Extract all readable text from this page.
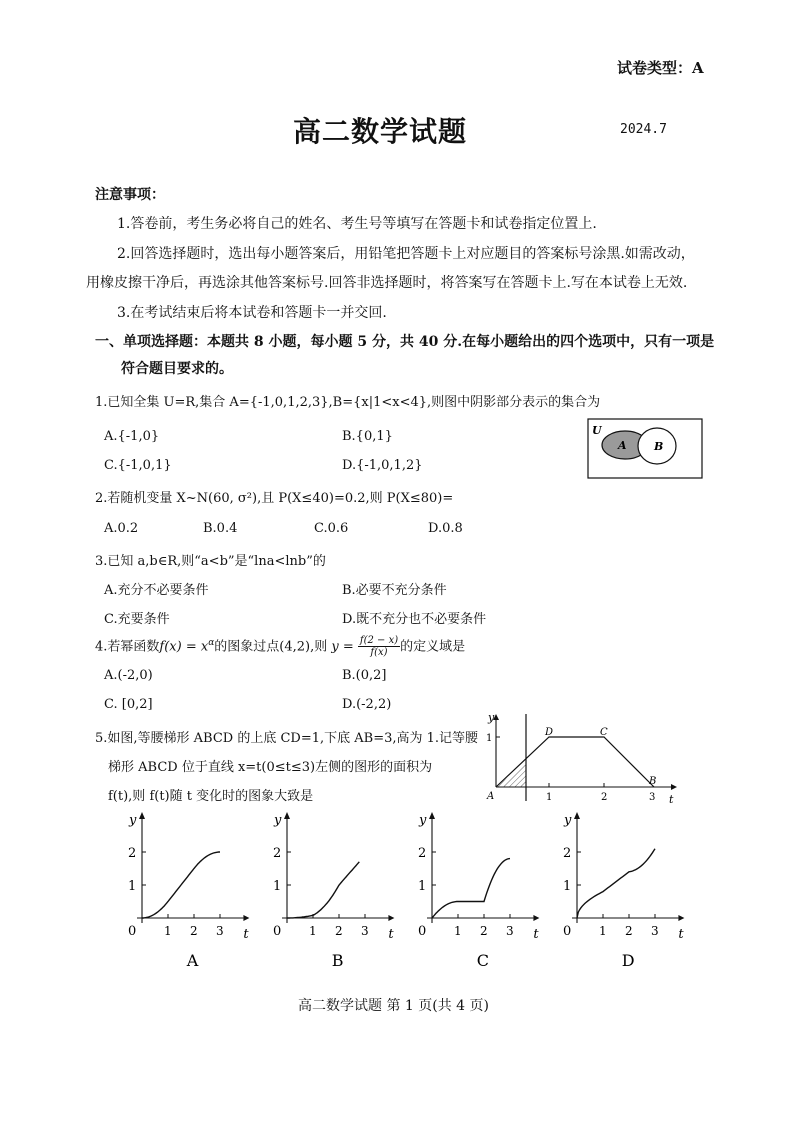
试卷类型：A
高二数学试题	2024.7
注意事项：
1.答卷前，考生务必将自己的姓名、考生号等填写在答题卡和试卷指定位置上.
2.回答选择题时，选出每小题答案后，用铅笔把答题卡上对应题目的答案标号涂黑.如需改动，
用橡皮擦干净后，再选涂其他答案标号.回答非选择题时，将答案写在答题卡上.写在本试卷上无效.
3.在考试结束后将本试卷和答题卡一并交回.
一、单项选择题：本题共 8 小题，每小题 5 分，共 40 分.在每小题给出的四个选项中，只有一项是
符合题目要求的。
1.已知全集 U=R,集合 A={-1,0,1,2,3},B={x|1<x<4},则图中阴影部分表示的集合为
A.{-1,0}	B.{0,1}
C.{-1,0,1}	D.{-1,0,1,2}
U
A B
2.若随机变量 X~N(60, σ²),且 P(X≤40)=0.2,则 P(X≤80)=
A.0.2	B.0.4	C.0.6	D.0.8
3.已知 a,b∈R,则“a<b”是“lna<lnb”的
A.充分不必要条件	B.必要不充分条件
C.充要条件	D.既不充分也不必要条件
4.若幂函数$f(x) = x^\alpha$的图象过点(4,2),则 $y = \frac{f(2 - x)}{f(x)}$ 的定义域是
A.(-2,0)	B.(0,2]
C. [0,2]	D.(-2,2)
5.如图,等腰梯形 ABCD 的上底 CD=1,下底 AB=3,高为 1.记等腰
梯形 ABCD 位于直线 x=t(0≤t≤3)左侧的图形的面积为
f(t),则 f(t)随 t 变化时的图象大致是
y
t
1
D	C
A
B
1	2	3
y
t
0 1 2 3
1
2
A
y
t
0 1 2 3
1
2
B
y
t
0 1 2 3
1
2
C
y
t
0 1 2 3
1
2
D
高二数学试题 第 1 页(共 4 页)
